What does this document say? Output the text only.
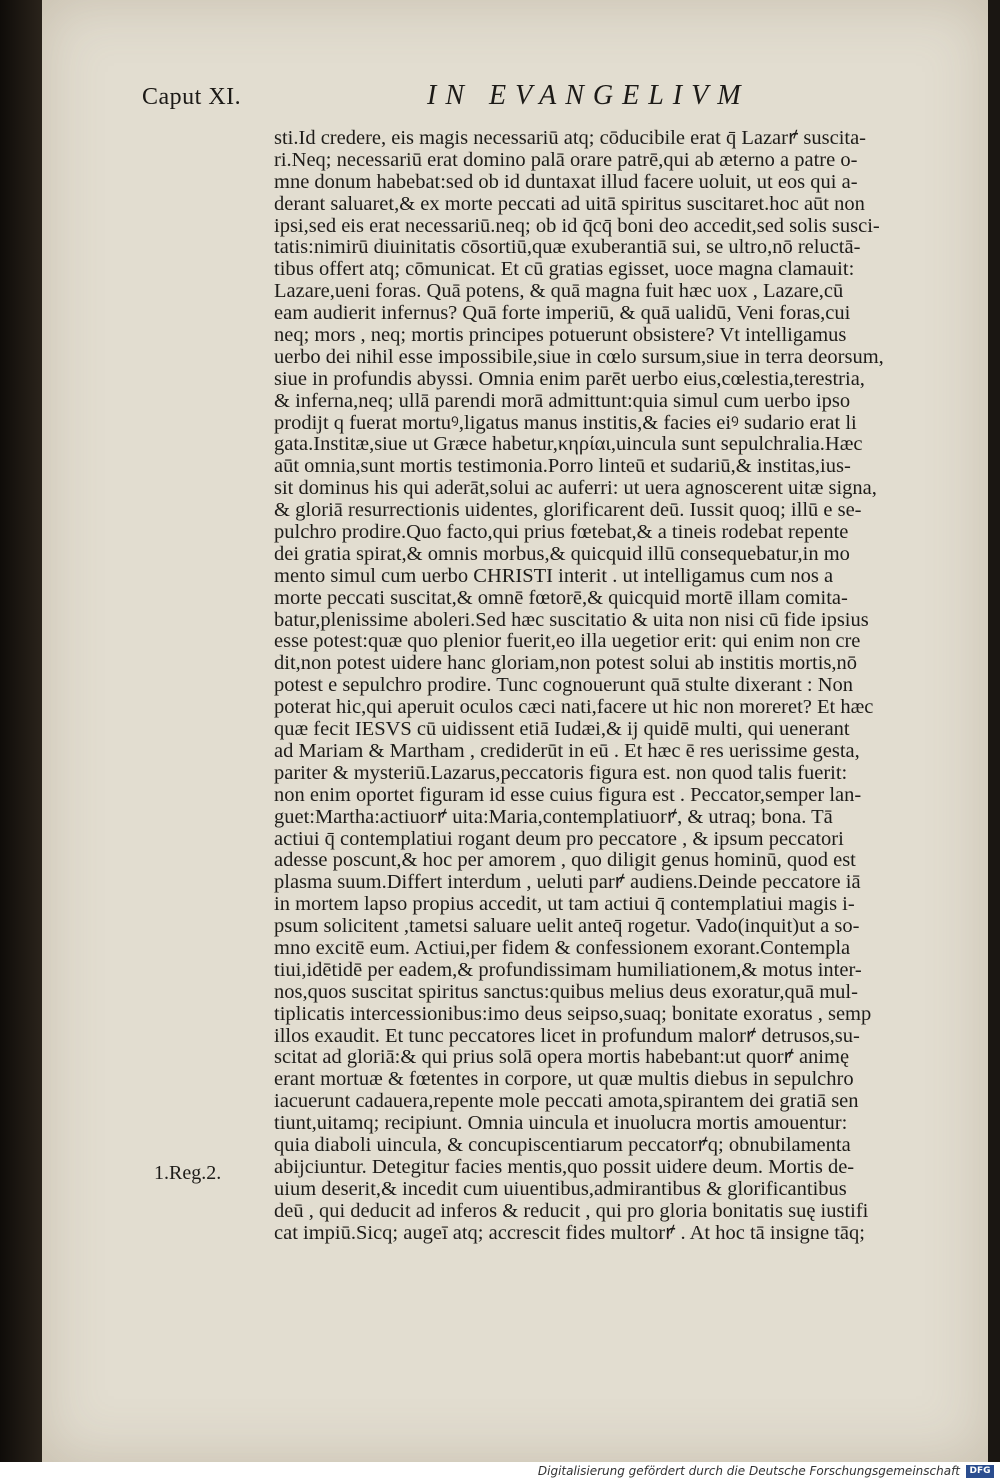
Caput XI.	IN EVANGELIVM
1.Reg.2.
sti.Id credere, eis magis necessariū atq; cōducibile erat q̄ Lazarꝵ suscita-
ri.Neq; necessariū erat domino palā orare patrē,qui ab æterno a patre o-
mne donum habebat:sed ob id duntaxat illud facere uoluit, ut eos qui a-
derant saluaret,& ex morte peccati ad uitā spiritus suscitaret.hoc aūt non
ipsi,sed eis erat necessariū.neq; ob id q̄cq̄ boni deo accedit,sed solis susci-
tatis:nimirū diuinitatis cōsortiū,quæ exuberantiā sui, se ultro,nō reluctā-
tibus offert atq; cōmunicat. Et cū gratias egisset, uoce magna clamauit:
Lazare,ueni foras. Quā potens, & quā magna fuit hæc uox , Lazare,cū
eam audierit infernus? Quā forte imperiū, & quā ualidū, Veni foras,cui
neq; mors , neq; mortis principes potuerunt obsistere? Vt intelligamus
uerbo dei nihil esse impossibile,siue in cœlo sursum,siue in terra deorsum,
siue in profundis abyssi. Omnia enim parēt uerbo eius,cœlestia,terestria,
& inferna,neq; ullā parendi morā admittunt:quia simul cum uerbo ipso
prodijt q fuerat mortuꝰ,ligatus manus institis,& facies eiꝰ sudario erat li
gata.Institæ,siue ut Græce habetur,κηρίαι,uincula sunt sepulchralia.Hæc
aūt omnia,sunt mortis testimonia.Porro linteū et sudariū,& institas,ius-
sit dominus his qui aderāt,solui ac auferri: ut uera agnoscerent uitæ signa,
& gloriā resurrectionis uidentes, glorificarent deū. Iussit quoq; illū e se-
pulchro prodire.Quo facto,qui prius fœtebat,& a tineis rodebat repente
dei gratia spirat,& omnis morbus,& quicquid illū consequebatur,in mo
mento simul cum uerbo CHRISTI interit . ut intelligamus cum nos a
morte peccati suscitat,& omnē fœtorē,& quicquid mortē illam comita-
batur,plenissime aboleri.Sed hæc suscitatio & uita non nisi cū fide ipsius
esse potest:quæ quo plenior fuerit,eo illa uegetior erit: qui enim non cre
dit,non potest uidere hanc gloriam,non potest solui ab institis mortis,nō
potest e sepulchro prodire. Tunc cognouerunt quā stulte dixerant : Non
poterat hic,qui aperuit oculos cæci nati,facere ut hic non moreret? Et hæc
quæ fecit IESVS cū uidissent etiā Iudæi,& ij quidē multi, qui uenerant
ad Mariam & Martham , crediderūt in eū . Et hæc ē res uerissime gesta,
pariter & mysteriū.Lazarus,peccatoris figura est. non quod talis fuerit:
non enim oportet figuram id esse cuius figura est . Peccator,semper lan-
guet:Martha:actiuorꝵ uita:Maria,contemplatiuorꝵ, & utraq; bona. Tā
actiui q̄ contemplatiui rogant deum pro peccatore , & ipsum peccatori
adesse poscunt,& hoc per amorem , quo diligit genus hominū, quod est
plasma suum.Differt interdum , ueluti parꝵ audiens.Deinde peccatore iā
in mortem lapso propius accedit, ut tam actiui q̄ contemplatiui magis i-
psum solicitent ,tametsi saluare uelit anteq̄ rogetur. Vado(inquit)ut a so-
mno excitē eum. Actiui,per fidem & confessionem exorant.Contempla
tiui,idētidē per eadem,& profundissimam humiliationem,& motus inter-
nos,quos suscitat spiritus sanctus:quibus melius deus exoratur,quā mul-
tiplicatis intercessionibus:imo deus seipso,suaq; bonitate exoratus , semp
illos exaudit. Et tunc peccatores licet in profundum malorꝵ detrusos,su-
scitat ad gloriā:& qui prius solā opera mortis habebant:ut quorꝵ animę
erant mortuæ & fœtentes in corpore, ut quæ multis diebus in sepulchro
iacuerunt cadauera,repente mole peccati amota,spirantem dei gratiā sen
tiunt,uitamq; recipiunt. Omnia uincula et inuolucra mortis amouentur:
quia diaboli uincula, & concupiscentiarum peccatorꝵq; obnubilamenta
abijciuntur. Detegitur facies mentis,quo possit uidere deum. Mortis de-
uium deserit,& incedit cum uiuentibus,admirantibus & glorificantibus
deū , qui deducit ad inferos & reducit , qui pro gloria bonitatis suę iustifi
cat impiū.Sicq; augeī atq; accrescit fides multorꝵ . At hoc tā insigne tāq;
Digitalisierung gefördert durch die Deutsche Forschungsgemeinschaft	DFG
